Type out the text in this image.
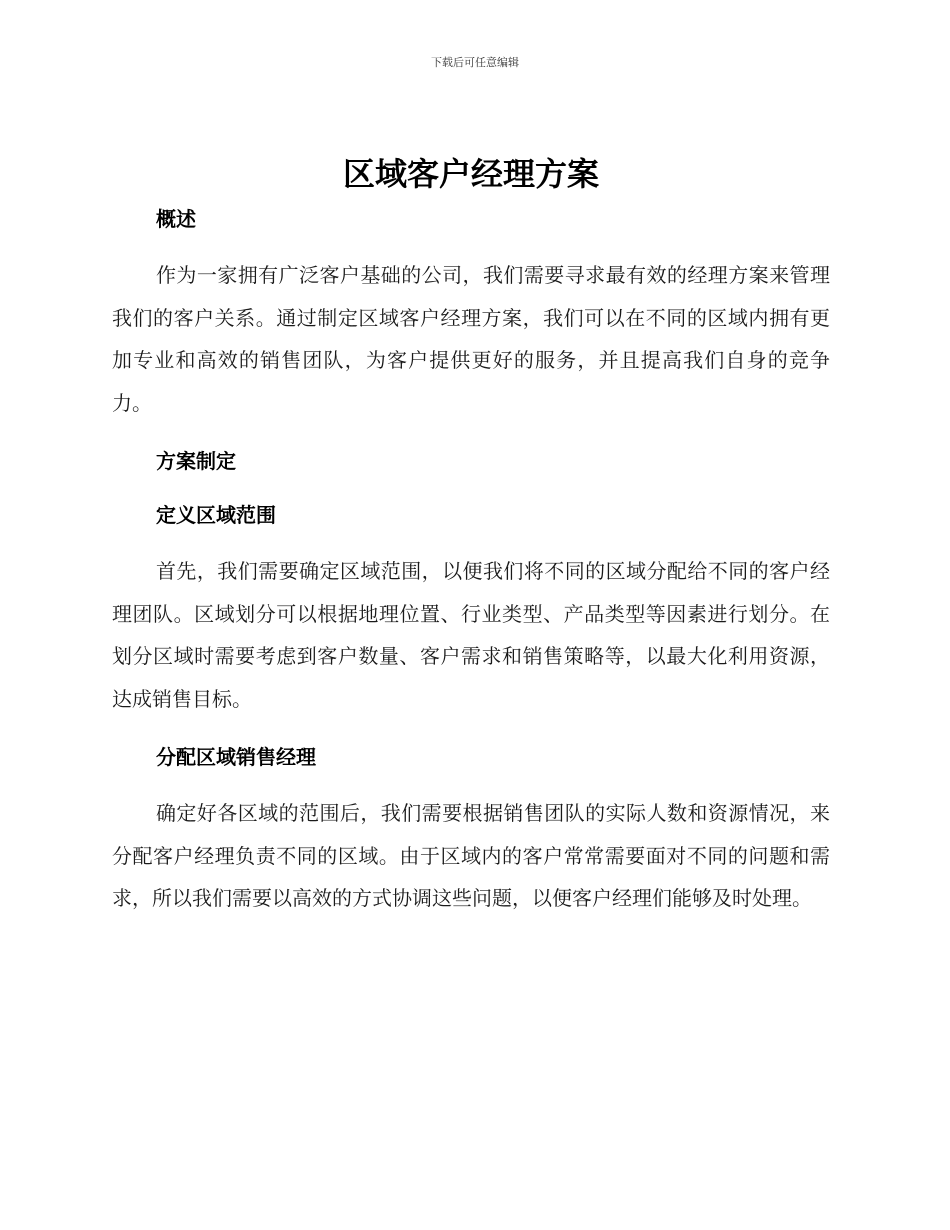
下载后可任意编辑
区域客户经理方案
概述

作为一家拥有广泛客户基础的公司，我们需要寻求最有效的经理方案来管理我们的客户关系。通过制定区域客户经理方案，我们可以在不同的区域内拥有更加专业和高效的销售团队，为客户提供更好的服务，并且提高我们自身的竞争力。

方案制定
定义区域范围

首先，我们需要确定区域范围，以便我们将不同的区域分配给不同的客户经理团队。区域划分可以根据地理位置、行业类型、产品类型等因素进行划分。在划分区域时需要考虑到客户数量、客户需求和销售策略等，以最大化利用资源，达成销售目标。

分配区域销售经理

确定好各区域的范围后，我们需要根据销售团队的实际人数和资源情况，来分配客户经理负责不同的区域。由于区域内的客户常常需要面对不同的问题和需求，所以我们需要以高效的方式协调这些问题，以便客户经理们能够及时处理。
